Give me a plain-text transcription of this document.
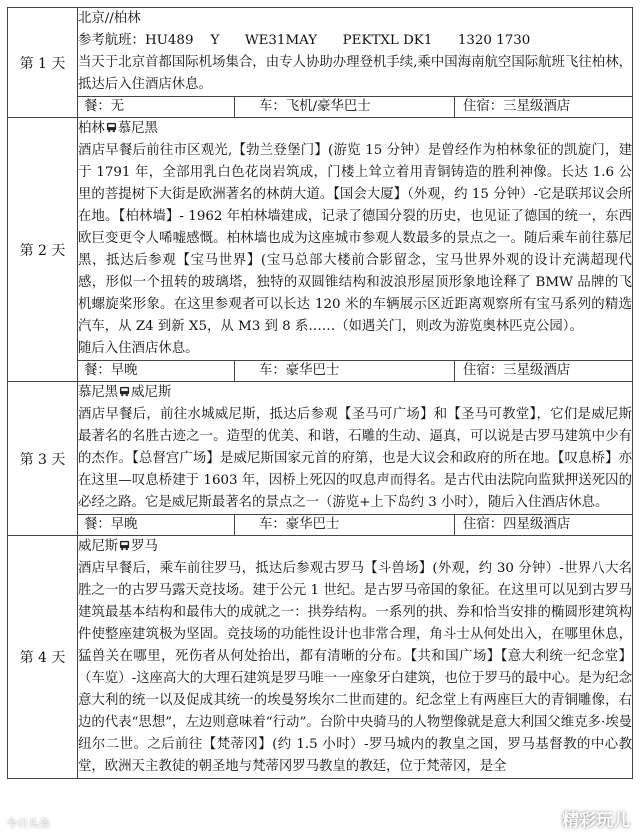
第 1 天	北京//柏林

参考航班：HU489    Y      WE31MAY      PEKTXL DK1      1320 1730

当天于北京首都国际机场集合，由专人协助办理登机手续,乘中国海南航空国际航班飞往柏林，抵达后入住酒店休息。

	餐：无 车：飞机/豪华巴士 住宿：三星级酒店

第 2 天	柏林 慕尼黑

酒店早餐后前往市区观光,【勃兰登堡门】(游览 15 分钟）是曾经作为柏林象征的凯旋门，建于 1791 年，全部用乳白色花岗岩筑成，门楼上耸立着用青铜铸造的胜利神像。长达 1.6 公里的菩提树下大街是欧洲著名的林荫大道。【国会大厦】（外观，约 15 分钟）-它是联邦议会所在地。【柏林墙】- 1962 年柏林墙建成，记录了德国分裂的历史，也见证了德国的统一，东西欧巨变更令人唏嘘感慨。柏林墙也成为这座城市参观人数最多的景点之一。随后乘车前往慕尼黑，抵达后参观【宝马世界】(宝马总部大楼前合影留念，宝马世界外观的设计充满超现代感，形似一个扭转的玻璃塔，独特的双圆锥结构和波浪形屋顶形象地诠释了 BMW 品牌的飞机螺旋桨形象。在这里参观者可以长达 120 米的车辆展示区近距离观察所有宝马系列的精选汽车，从 Z4 到新 X5，从 M3 到 8 系……（如遇关门，则改为游览奥林匹克公园）。

随后入住酒店休息。

	餐：早晚 车：豪华巴士 住宿：三星级酒店

第 3 天	慕尼黑 威尼斯

酒店早餐后，前往水城威尼斯，抵达后参观【圣马可广场】和【圣马可教堂】，它们是威尼斯最著名的名胜古迹之一。造型的优美、和谐，石雕的生动、逼真，可以说是古罗马建筑中少有的杰作。【总督宫广场】是威尼斯国家元首的府第，也是大议会和政府的所在地。【叹息桥】亦在这里—叹息桥建于 1603 年，因桥上死囚的叹息声而得名。是古代由法院向监狱押送死囚的必经之路。它是威尼斯最著名的景点之一（游览+上下岛约 3 小时），随后入住酒店休息。

	餐：早晚 车：豪华巴士 住宿：四星级酒店

第 4 天	威尼斯 罗马

酒店早餐后，乘车前往罗马，抵达后参观古罗马【斗兽场】(外观，约 30 分钟）-世界八大名胜之一的古罗马露天竞技场。建于公元 1 世纪。是古罗马帝国的象征。在这里可以见到古罗马建筑最基本结构和最伟大的成就之一：拱券结构。一系列的拱、券和恰当安排的椭圆形建筑构件使整座建筑极为坚固。竞技场的功能性设计也非常合理，角斗士从何处出入，在哪里休息，猛兽关在哪里，死伤者从何处抬出，都有清晰的分布。【共和国广场】【意大利统一纪念堂】（车览）-这座高大的大理石建筑是罗马唯一一座象牙白建筑，也位于罗马的最中心。是为纪念意大利的统一以及促成其统一的埃曼努埃尔二世而建的。纪念堂上有两座巨大的青铜雕像，右边的代表“思想”，左边则意味着“行动”。台阶中央骑马的人物塑像就是意大利国父维克多·埃曼纽尔二世。之后前往【梵蒂冈】(约 1.5 小时）-罗马城内的教皇之国，罗马基督教的中心教堂，欧洲天主教徒的朝圣地与梵蒂冈罗马教皇的教廷，位于梵蒂冈，是全

今日头条	精彩玩儿
